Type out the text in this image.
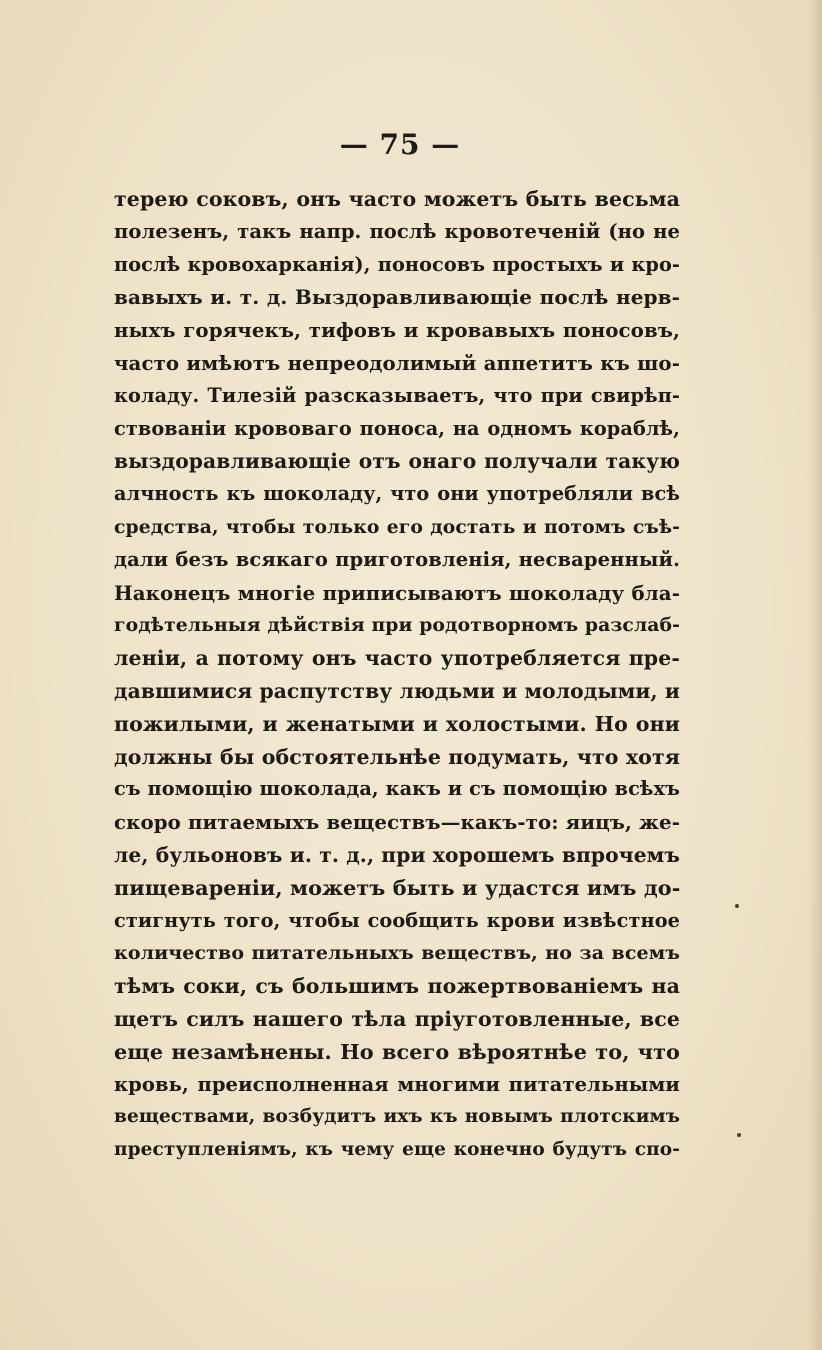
— 75 —

терею соковъ, онъ часто можетъ быть весьма
полезенъ, такъ напр. послѣ кровотеченій (но не
послѣ кровохарканія), поносовъ простыхъ и кро-
вавыхъ и. т. д. Выздоравливающіе послѣ нерв-
ныхъ горячекъ, тифовъ и кровавыхъ поносовъ,
часто имѣютъ непреодолимый аппетитъ къ шо-
коладу. Тилезій разсказываетъ, что при свирѣп-
ствованіи крововаго поноса, на одномъ кораблѣ,
выздоравливающіе отъ онаго получали такую
алчность къ шоколаду, что они употребляли всѣ
средства, чтобы только его достать и потомъ съѣ-
дали безъ всякаго приготовленія, несваренный.
Наконецъ многіе приписываютъ шоколаду бла-
годѣтельныя дѣйствія при родотворномъ разслаб-
леніи, а потому онъ часто употребляется пре-
давшимися распутству людьми и молодыми, и
пожилыми, и женатыми и холостыми. Но они
должны бы обстоятельнѣе подумать, что хотя
съ помощію шоколада, какъ и съ помощію всѣхъ
скоро питаемыхъ веществъ—какъ-то: яицъ, же-
ле, бульоновъ и. т. д., при хорошемъ впрочемъ
пищевареніи, можетъ быть и удастся имъ до-
стигнуть того, чтобы сообщить крови извѣстное
количество питательныхъ веществъ, но за всемъ
тѣмъ соки, съ большимъ пожертвованіемъ на
щетъ силъ нашего тѣла пріуготовленные, все
еще незамѣнены. Но всего вѣроятнѣе то, что
кровь, преисполненная многими питательными
веществами, возбудитъ ихъ къ новымъ плотскимъ
преступленіямъ, къ чему еще конечно будутъ спо-
